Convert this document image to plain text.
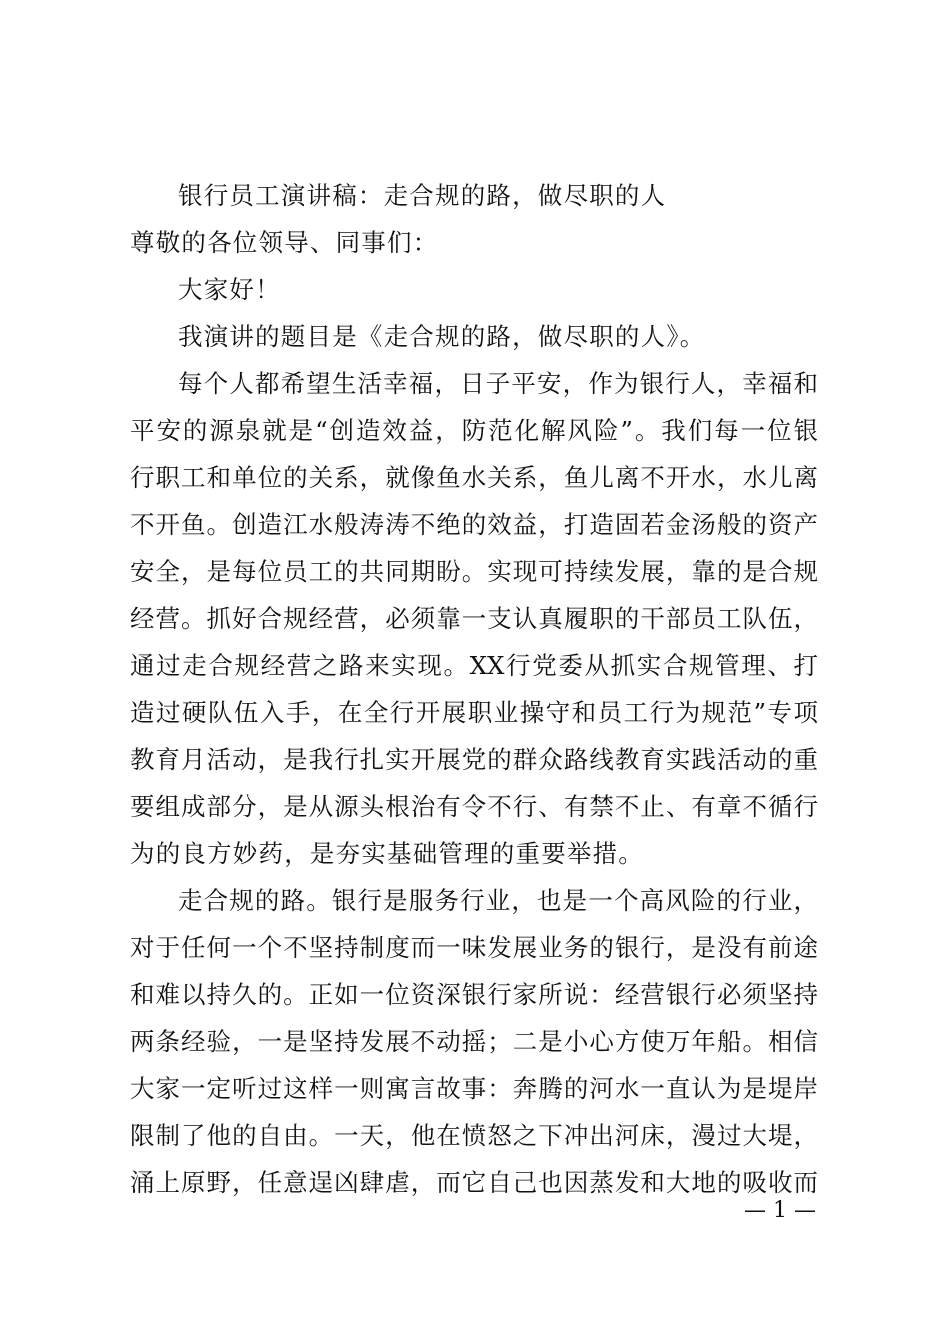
银行员工演讲稿：走合规的路，做尽职的人
尊敬的各位领导、同事们：
大家好！
我演讲的题目是《走合规的路，做尽职的人》。
每个人都希望生活幸福，日子平安，作为银行人，幸福和
平安的源泉就是“创造效益，防范化解风险”。我们每一位银
行职工和单位的关系，就像鱼水关系，鱼儿离不开水，水儿离
不开鱼。创造江水般涛涛不绝的效益，打造固若金汤般的资产
安全，是每位员工的共同期盼。实现可持续发展，靠的是合规
经营。抓好合规经营，必须靠一支认真履职的干部员工队伍，
通过走合规经营之路来实现。XX行党委从抓实合规管理、打
造过硬队伍入手，在全行开展职业操守和员工行为规范”专项
教育月活动，是我行扎实开展党的群众路线教育实践活动的重
要组成部分，是从源头根治有令不行、有禁不止、有章不循行
为的良方妙药，是夯实基础管理的重要举措。
走合规的路。银行是服务行业，也是一个高风险的行业，
对于任何一个不坚持制度而一味发展业务的银行，是没有前途
和难以持久的。正如一位资深银行家所说：经营银行必须坚持
两条经验，一是坚持发展不动摇；二是小心方使万年船。相信
大家一定听过这样一则寓言故事：奔腾的河水一直认为是堤岸
限制了他的自由。一天，他在愤怒之下冲出河床，漫过大堤，
涌上原野，任意逞凶肆虐，而它自己也因蒸发和大地的吸收而
— 1 —
